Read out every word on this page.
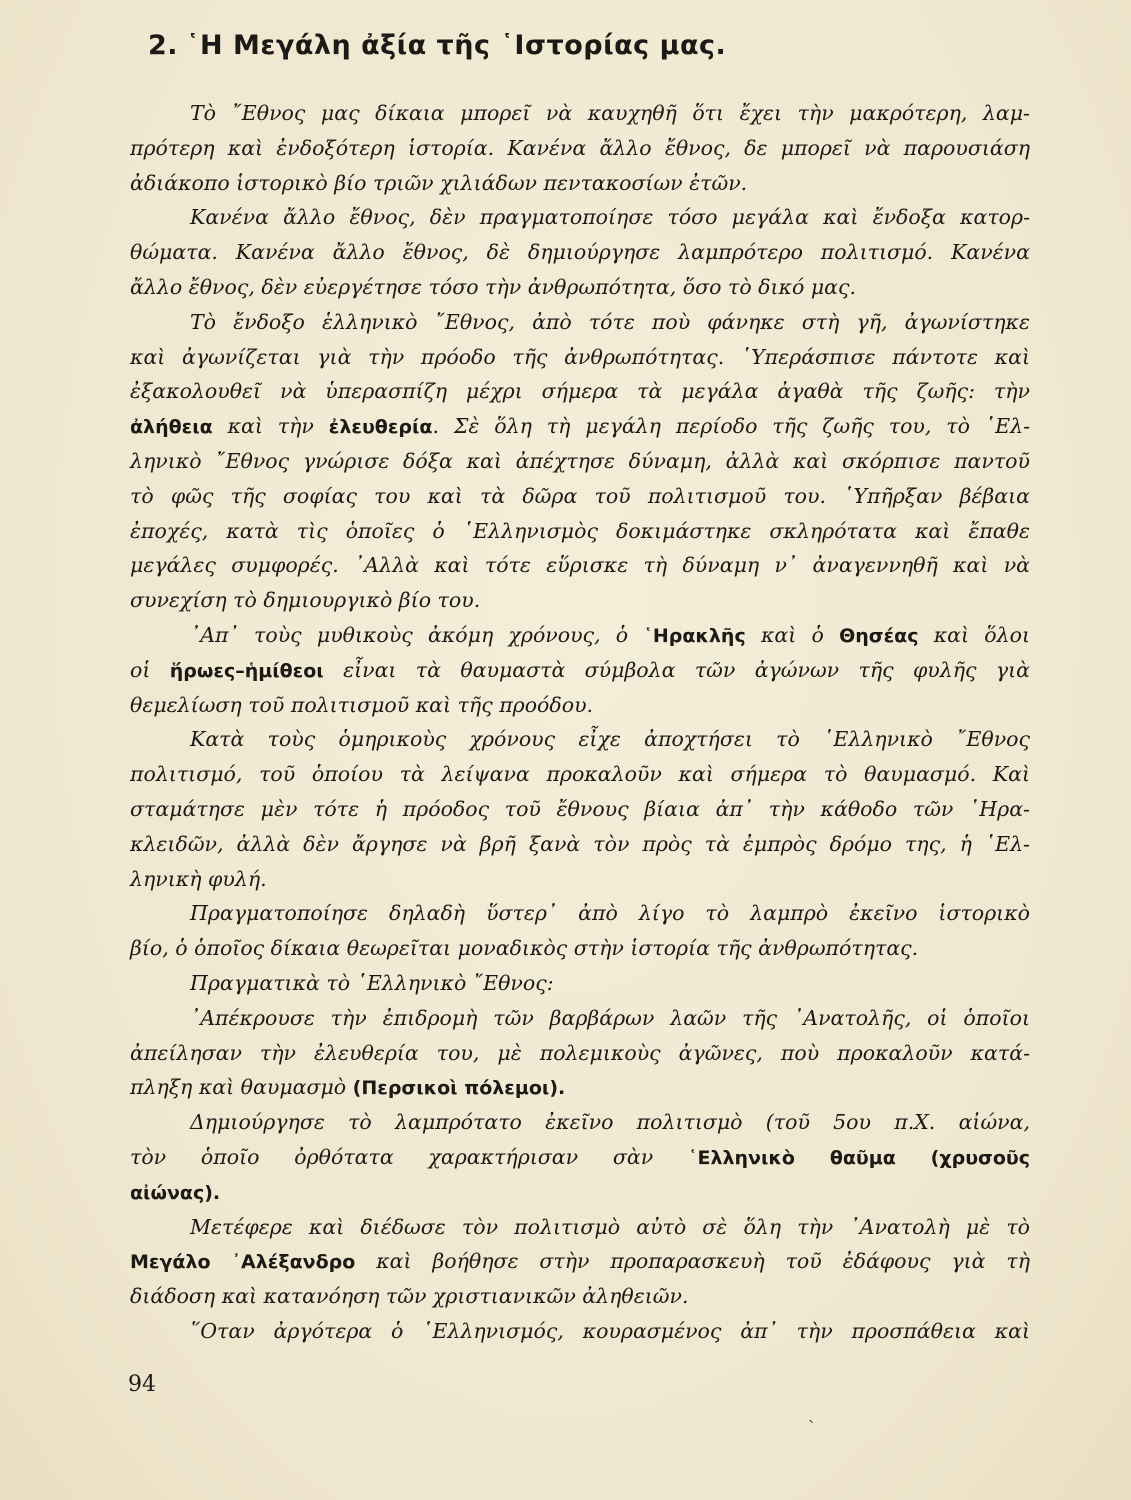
2. ῾Η Μεγάλη ἀξία τῆς ῾Ιστορίας μας.
Τὸ ῎Εθνος μας δίκαια μπορεῖ νὰ καυχηθῆ ὅτι ἔχει τὴν μακρότερη, λαμ-
πρότερη καὶ ἐνδοξότερη ἱστορία. Κανένα ἄλλο ἔθνος, δε μπορεῖ νὰ παρουσιάση
ἀδιάκοπο ἱστορικὸ βίο τριῶν χιλιάδων πεντακοσίων ἐτῶν.
Κανένα ἄλλο ἔθνος, δὲν πραγματοποίησε τόσο μεγάλα καὶ ἔνδοξα κατορ-
θώματα. Κανένα ἄλλο ἔθνος, δὲ δημιούργησε λαμπρότερο πολιτισμό. Κανένα
ἄλλο ἔθνος, δὲν εὐεργέτησε τόσο τὴν ἀνθρωπότητα, ὅσο τὸ δικό μας.
Τὸ ἔνδοξο ἑλληνικὸ ῎Εθνος, ἀπὸ τότε ποὺ φάνηκε στὴ γῆ, ἀγωνίστηκε
καὶ ἀγωνίζεται γιὰ τὴν πρόοδο τῆς ἀνθρωπότητας. ῾Υπεράσπισε πάντοτε καὶ
ἐξακολουθεῖ νὰ ὑπερασπίζη μέχρι σήμερα τὰ μεγάλα ἀγαθὰ τῆς ζωῆς: τὴν
ἀλήθεια καὶ τὴν ἐλευθερία. Σὲ ὅλη τὴ μεγάλη περίοδο τῆς ζωῆς του, τὸ ῾Ελ-
ληνικὸ ῎Εθνος γνώρισε δόξα καὶ ἀπέχτησε δύναμη, ἀλλὰ καὶ σκόρπισε παντοῦ
τὸ φῶς τῆς σοφίας του καὶ τὰ δῶρα τοῦ πολιτισμοῦ του. ῾Υπῆρξαν βέβαια
ἐποχές, κατὰ τὶς ὁποῖες ὁ ῾Ελληνισμὸς δοκιμάστηκε σκληρότατα καὶ ἔπαθε
μεγάλες συμφορές. ᾽Αλλὰ καὶ τότε εὕρισκε τὴ δύναμη ν᾽ ἀναγεννηθῆ καὶ νὰ
συνεχίση τὸ δημιουργικὸ βίο του.
᾽Απ᾽ τοὺς μυθικοὺς ἀκόμη χρόνους, ὁ ῾Ηρακλῆς καὶ ὁ Θησέας καὶ ὅλοι
οἱ ἥρωες–ἡμίθεοι εἶναι τὰ θαυμαστὰ σύμβολα τῶν ἀγώνων τῆς φυλῆς γιὰ
θεμελίωση τοῦ πολιτισμοῦ καὶ τῆς προόδου.
Κατὰ τοὺς ὁμηρικοὺς χρόνους εἶχε ἀποχτήσει τὸ ῾Ελληνικὸ ῎Εθνος
πολιτισμό, τοῦ ὁποίου τὰ λείψανα προκαλοῦν καὶ σήμερα τὸ θαυμασμό. Καὶ
σταμάτησε μὲν τότε ἡ πρόοδος τοῦ ἔθνους βίαια ἀπ᾽ τὴν κάθοδο τῶν ῾Ηρα-
κλειδῶν, ἀλλὰ δὲν ἄργησε νὰ βρῆ ξανὰ τὸν πρὸς τὰ ἐμπρὸς δρόμο της, ἡ ῾Ελ-
ληνικὴ φυλή.
Πραγματοποίησε δηλαδὴ ὕστερ᾽ ἀπὸ λίγο τὸ λαμπρὸ ἐκεῖνο ἱστορικὸ
βίο, ὁ ὁποῖος δίκαια θεωρεῖται μοναδικὸς στὴν ἱστορία τῆς ἀνθρωπότητας.
Πραγματικὰ τὸ ῾Ελληνικὸ ῎Εθνος:
᾽Απέκρουσε τὴν ἐπιδρομὴ τῶν βαρβάρων λαῶν τῆς ᾽Ανατολῆς, οἱ ὁποῖοι
ἀπείλησαν τὴν ἐλευθερία του, μὲ πολεμικοὺς ἀγῶνες, ποὺ προκαλοῦν κατά-
πληξη καὶ θαυμασμὸ (Περσικοὶ πόλεμοι).
Δημιούργησε τὸ λαμπρότατο ἐκεῖνο πολιτισμὸ (τοῦ 5ου π.Χ. αἰώνα,
τὸν ὁποῖο ὀρθότατα χαρακτήρισαν σὰν ῾Ελληνικὸ θαῦμα (χρυσοῦς
αἰώνας).
Μετέφερε καὶ διέδωσε τὸν πολιτισμὸ αὐτὸ σὲ ὅλη τὴν ᾽Ανατολὴ μὲ τὸ
Μεγάλο ᾽Αλέξανδρο καὶ βοήθησε στὴν προπαρασκευὴ τοῦ ἐδάφους γιὰ τὴ
διάδοση καὶ κατανόηση τῶν χριστιανικῶν ἀληθειῶν.
῞Οταν ἀργότερα ὁ ῾Ελληνισμός, κουρασμένος ἀπ᾽ τὴν προσπάθεια καὶ
94
`
